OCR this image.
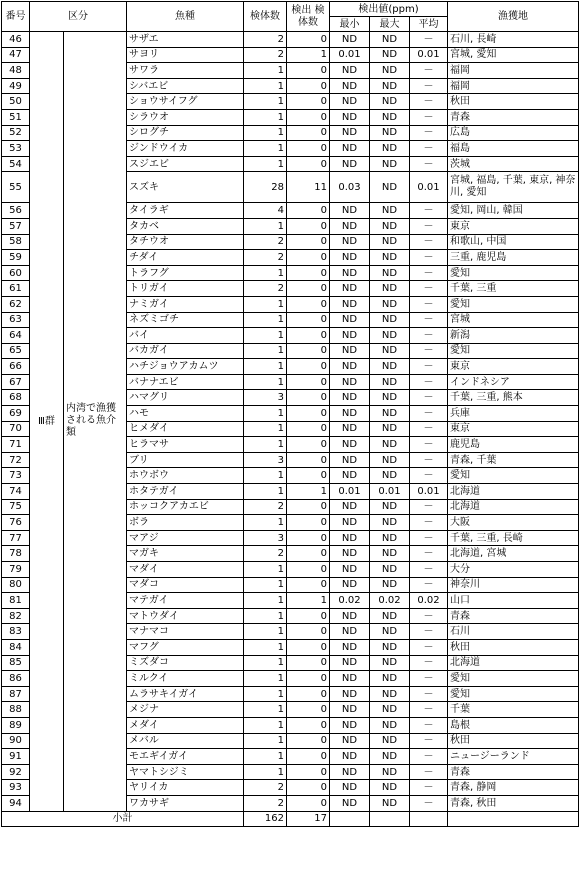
番号	区分		魚種	検体数	検出 検体数	検出値(ppm)			漁獲地
						最小	最大	平均	
46	Ⅲ群	内湾で漁獲される魚介類	サザエ	2	0	ND	ND	－	石川, 長崎
47			サヨリ	2	1	0.01	ND	0.01	宮城, 愛知
48			サワラ	1	0	ND	ND	－	福岡
49			シバエビ	1	0	ND	ND	－	福岡
50			ショウサイフグ	1	0	ND	ND	－	秋田
51			シラウオ	1	0	ND	ND	－	青森
52			シログチ	1	0	ND	ND	－	広島
53			ジンドウイカ	1	0	ND	ND	－	福島
54			スジエビ	1	0	ND	ND	－	茨城
55			スズキ	28	11	0.03	ND	0.01	宮城, 福島, 千葉, 東京, 神奈川, 愛知
56			タイラギ	4	0	ND	ND	－	愛知, 岡山, 韓国
57			タカベ	1	0	ND	ND	－	東京
58			タチウオ	2	0	ND	ND	－	和歌山, 中国
59			チダイ	2	0	ND	ND	－	三重, 鹿児島
60			トラフグ	1	0	ND	ND	－	愛知
61			トリガイ	2	0	ND	ND	－	千葉, 三重
62			ナミガイ	1	0	ND	ND	－	愛知
63			ネズミゴチ	1	0	ND	ND	－	宮城
64			バイ	1	0	ND	ND	－	新潟
65			バカガイ	1	0	ND	ND	－	愛知
66			ハチジョウアカムツ	1	0	ND	ND	－	東京
67			バナナエビ	1	0	ND	ND	－	インドネシア
68			ハマグリ	3	0	ND	ND	－	千葉, 三重, 熊本
69			ハモ	1	0	ND	ND	－	兵庫
70			ヒメダイ	1	0	ND	ND	－	東京
71			ヒラマサ	1	0	ND	ND	－	鹿児島
72			ブリ	3	0	ND	ND	－	青森, 千葉
73			ホウボウ	1	0	ND	ND	－	愛知
74			ホタテガイ	1	1	0.01	0.01	0.01	北海道
75			ホッコクアカエビ	2	0	ND	ND	－	北海道
76			ボラ	1	0	ND	ND	－	大阪
77			マアジ	3	0	ND	ND	－	千葉, 三重, 長崎
78			マガキ	2	0	ND	ND	－	北海道, 宮城
79			マダイ	1	0	ND	ND	－	大分
80			マダコ	1	0	ND	ND	－	神奈川
81			マテガイ	1	1	0.02	0.02	0.02	山口
82			マトウダイ	1	0	ND	ND	－	青森
83			マナマコ	1	0	ND	ND	－	石川
84			マフグ	1	0	ND	ND	－	秋田
85			ミズダコ	1	0	ND	ND	－	北海道
86			ミルクイ	1	0	ND	ND	－	愛知
87			ムラサキイガイ	1	0	ND	ND	－	愛知
88			メジナ	1	0	ND	ND	－	千葉
89			メダイ	1	0	ND	ND	－	島根
90			メバル	1	0	ND	ND	－	秋田
91			モエギイガイ	1	0	ND	ND	－	ニュージーランド
92			ヤマトシジミ	1	0	ND	ND	－	青森
93			ヤリイカ	2	0	ND	ND	－	青森, 静岡
94			ワカサギ	2	0	ND	ND	－	青森, 秋田
小計				162	17				
